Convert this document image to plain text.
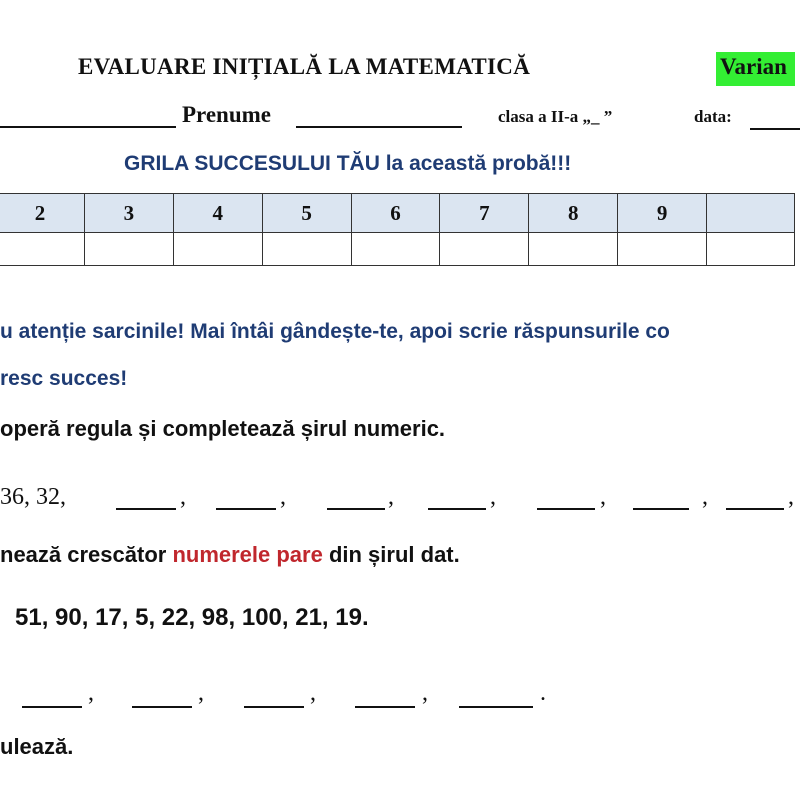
EVALUARE INIȚIALĂ LA MATEMATICĂ	Varian
Prenume	clasa a II-a „_ ”	data:
GRILA SUCCESULUI TĂU la această probă!!!
2	3	4	5	6	7	8	9	

u atenție sarcinile! Mai întâi gândește-te, apoi scrie răspunsurile co
resc succes!
operă regula și completează șirul numeric.
36, 32,	,	,	,	,	,	,	,
nează crescător numerele pare din șirul dat.
51, 90, 17, 5, 22, 98, 100, 21, 19.
,	,	,	,	.
ulează.
